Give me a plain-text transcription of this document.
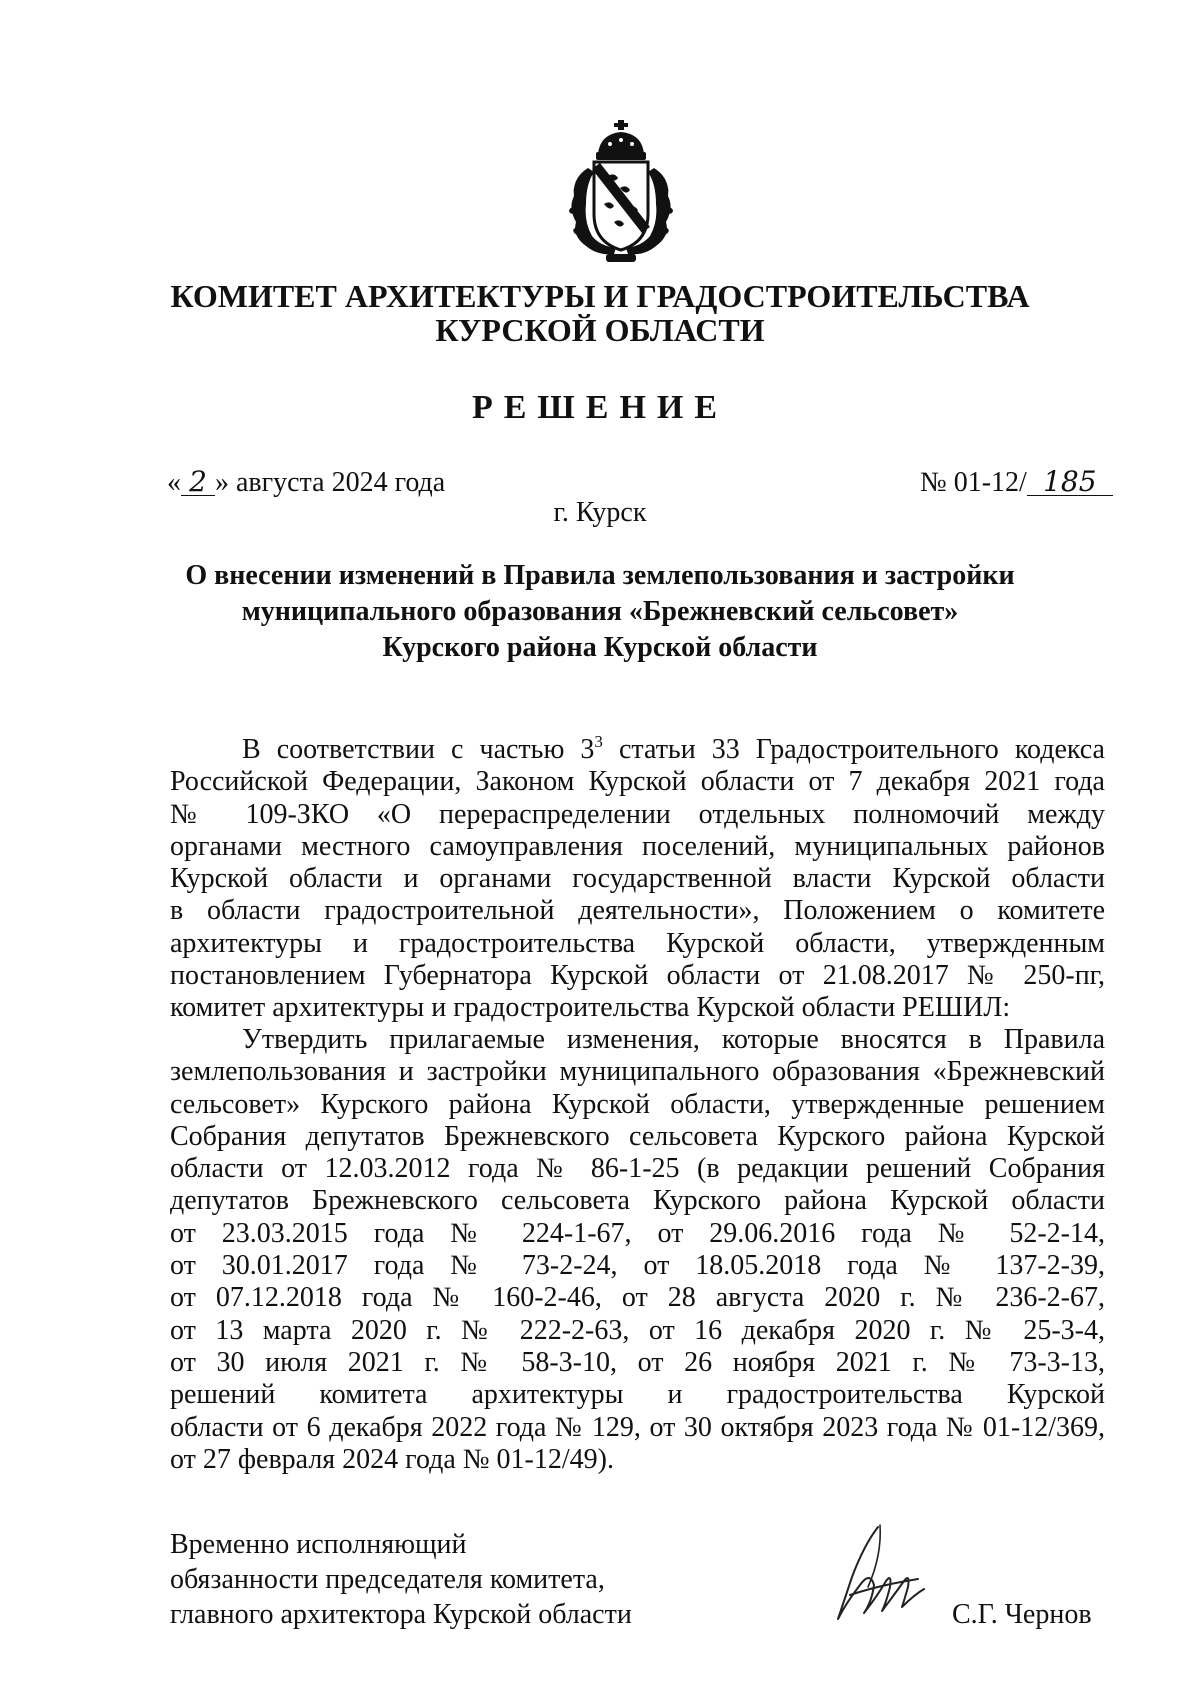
КОМИТЕТ АРХИТЕКТУРЫ И ГРАДОСТРОИТЕЛЬСТВА
КУРСКОЙ ОБЛАСТИ
РЕШЕНИЕ
« 2 » августа 2024 года	№ 01-12/ 185
г. Курск
О внесении изменений в Правила землепользования и застройки
муниципального образования «Брежневский сельсовет»
Курского района Курской области
В соответствии с частью $3^3$ статьи 33 Градостроительного кодекса
Российской Федерации, Законом Курской области от 7 декабря 2021 года
№ 109-ЗКО «О перераспределении отдельных полномочий между
органами местного самоуправления поселений, муниципальных районов
Курской области и органами государственной власти Курской области
в области градостроительной деятельности», Положением о комитете
архитектуры и градостроительства Курской области, утвержденным
постановлением Губернатора Курской области от 21.08.2017 № 250-пг,
комитет архитектуры и градостроительства Курской области РЕШИЛ:
Утвердить прилагаемые изменения, которые вносятся в Правила
землепользования и застройки муниципального образования «Брежневский
сельсовет» Курского района Курской области, утвержденные решением
Собрания депутатов Брежневского сельсовета Курского района Курской
области от 12.03.2012 года № 86-1-25 (в редакции решений Собрания
депутатов Брежневского сельсовета Курского района Курской области
от 23.03.2015 года № 224-1-67, от 29.06.2016 года № 52-2-14,
от 30.01.2017 года № 73-2-24, от 18.05.2018 года № 137-2-39,
от 07.12.2018 года № 160-2-46, от 28 августа 2020 г. № 236-2-67,
от 13 марта 2020 г. № 222-2-63, от 16 декабря 2020 г. № 25-3-4,
от 30 июля 2021 г. № 58-3-10, от 26 ноября 2021 г. № 73-3-13,
решений комитета архитектуры и градостроительства Курской
области от 6 декабря 2022 года № 129, от 30 октября 2023 года № 01-12/369,
от 27 февраля 2024 года № 01-12/49).
Временно исполняющий
обязанности председателя комитета,
главного архитектора Курской области	С.Г. Чернов
